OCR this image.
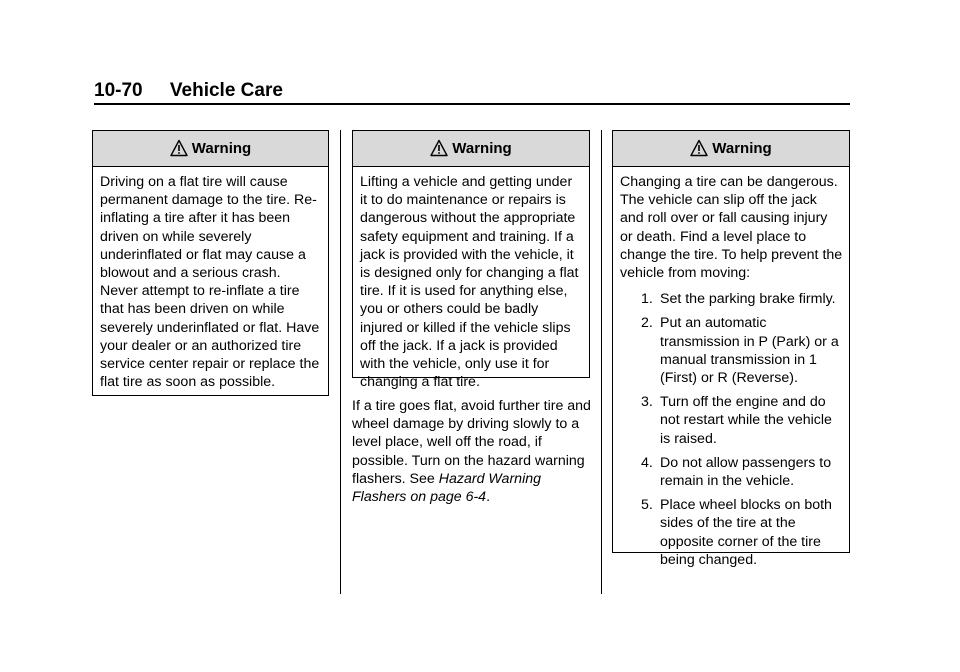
10-70 Vehicle Care
Warning

Driving on a flat tire will cause permanent damage to the tire. Re-inflating a tire after it has been driven on while severely underinflated or flat may cause a blowout and a serious crash. Never attempt to re-inflate a tire that has been driven on while severely underinflated or flat. Have your dealer or an authorized tire service center repair or replace the flat tire as soon as possible.

Warning

Lifting a vehicle and getting under it to do maintenance or repairs is dangerous without the appropriate safety equipment and training. If a jack is provided with the vehicle, it is designed only for changing a flat tire. If it is used for anything else, you or others could be badly injured or killed if the vehicle slips off the jack. If a jack is provided with the vehicle, only use it for changing a flat tire.

If a tire goes flat, avoid further tire and wheel damage by driving slowly to a level place, well off the road, if possible. Turn on the hazard warning flashers. See Hazard Warning Flashers on page 6-4.
Warning

Changing a tire can be dangerous. The vehicle can slip off the jack and roll over or fall causing injury or death. Find a level place to change the tire. To help prevent the vehicle from moving:

1. Set the parking brake firmly.
2. Put an automatic transmission in P (Park) or a manual transmission in 1 (First) or R (Reverse).
3. Turn off the engine and do not restart while the vehicle is raised.
4. Do not allow passengers to remain in the vehicle.
5. Place wheel blocks on both sides of the tire at the opposite corner of the tire being changed.
